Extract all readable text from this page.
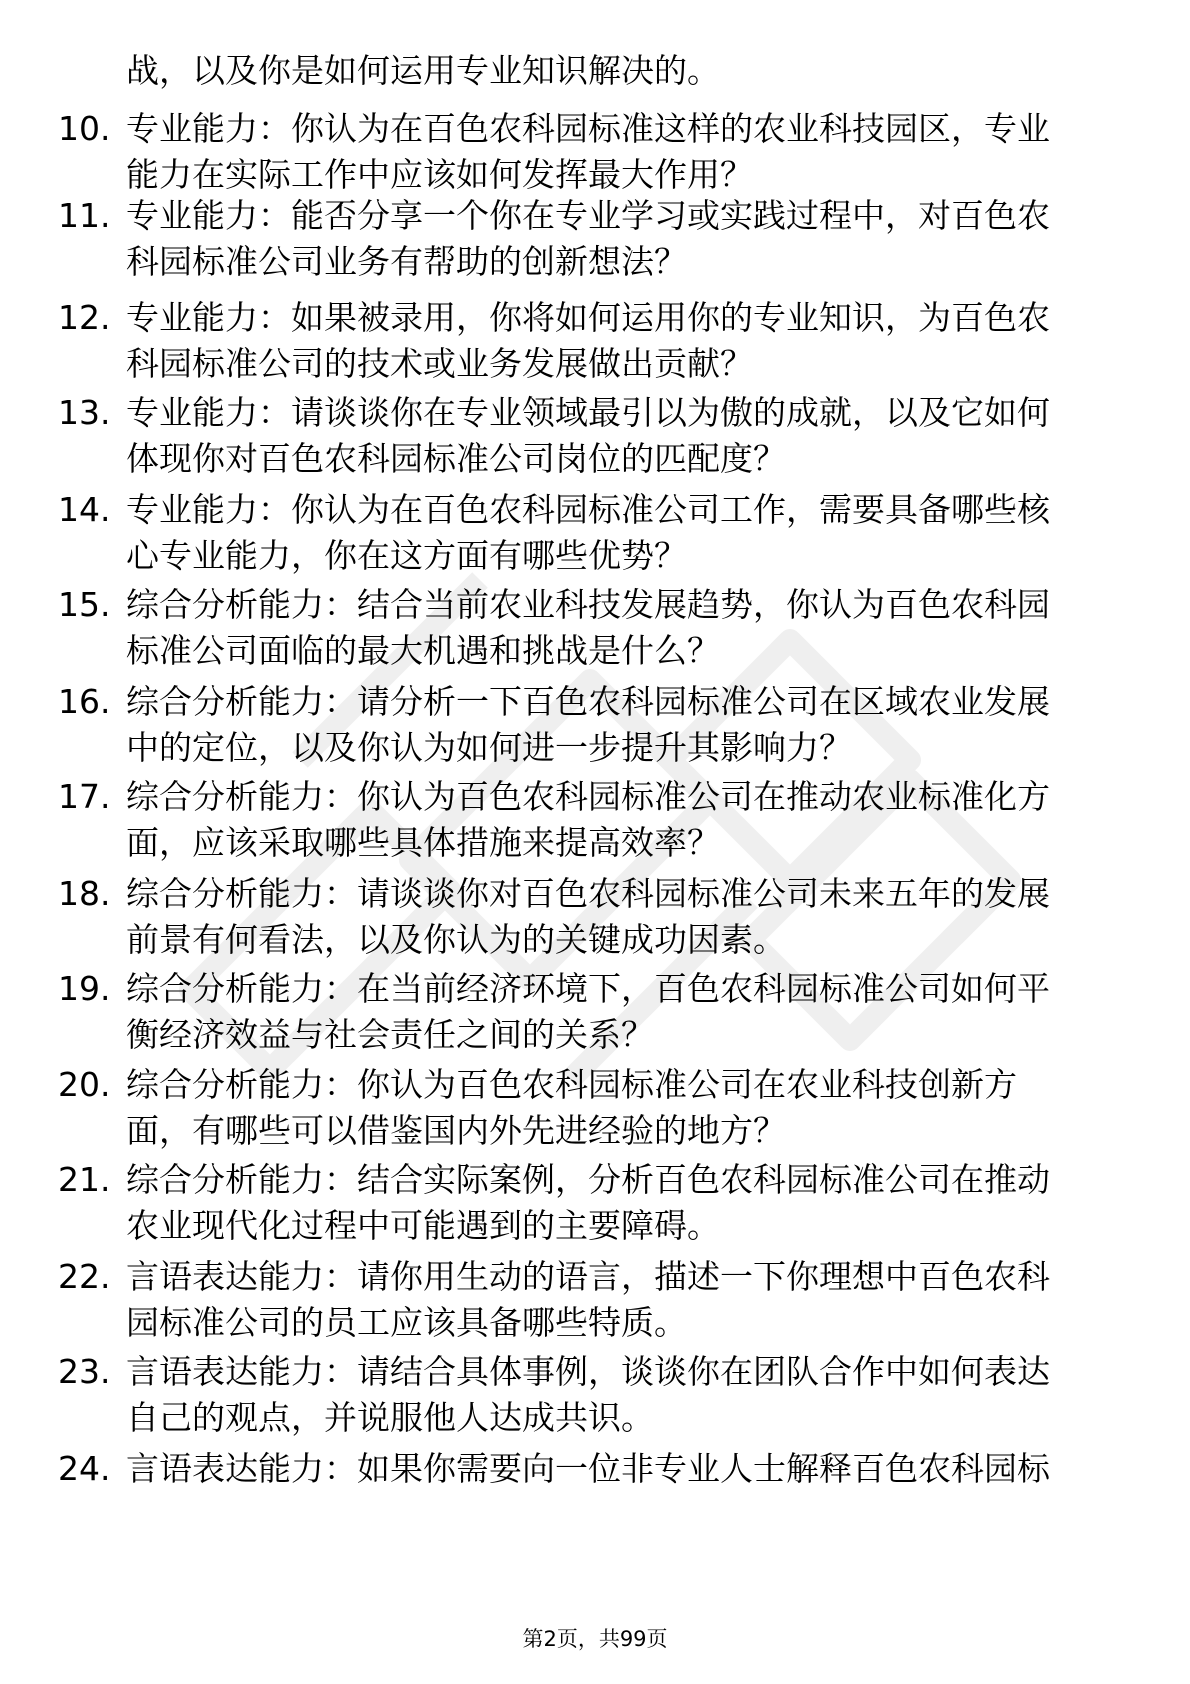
战，以及你是如何运用专业知识解决的。
10. 专业能力：你认为在百色农科园标准这样的农业科技园区，专业
能力在实际工作中应该如何发挥最大作用？
11. 专业能力：能否分享一个你在专业学习或实践过程中，对百色农
科园标准公司业务有帮助的创新想法？
12. 专业能力：如果被录用，你将如何运用你的专业知识，为百色农
科园标准公司的技术或业务发展做出贡献？
13. 专业能力：请谈谈你在专业领域最引以为傲的成就，以及它如何
体现你对百色农科园标准公司岗位的匹配度？
14. 专业能力：你认为在百色农科园标准公司工作，需要具备哪些核
心专业能力，你在这方面有哪些优势？
15. 综合分析能力：结合当前农业科技发展趋势，你认为百色农科园
标准公司面临的最大机遇和挑战是什么？
16. 综合分析能力：请分析一下百色农科园标准公司在区域农业发展
中的定位，以及你认为如何进一步提升其影响力？
17. 综合分析能力：你认为百色农科园标准公司在推动农业标准化方
面，应该采取哪些具体措施来提高效率？
18. 综合分析能力：请谈谈你对百色农科园标准公司未来五年的发展
前景有何看法，以及你认为的关键成功因素。
19. 综合分析能力：在当前经济环境下，百色农科园标准公司如何平
衡经济效益与社会责任之间的关系？
20. 综合分析能力：你认为百色农科园标准公司在农业科技创新方
面，有哪些可以借鉴国内外先进经验的地方？
21. 综合分析能力：结合实际案例，分析百色农科园标准公司在推动
农业现代化过程中可能遇到的主要障碍。
22. 言语表达能力：请你用生动的语言，描述一下你理想中百色农科
园标准公司的员工应该具备哪些特质。
23. 言语表达能力：请结合具体事例，谈谈你在团队合作中如何表达
自己的观点，并说服他人达成共识。
24. 言语表达能力：如果你需要向一位非专业人士解释百色农科园标
第2页，共99页
